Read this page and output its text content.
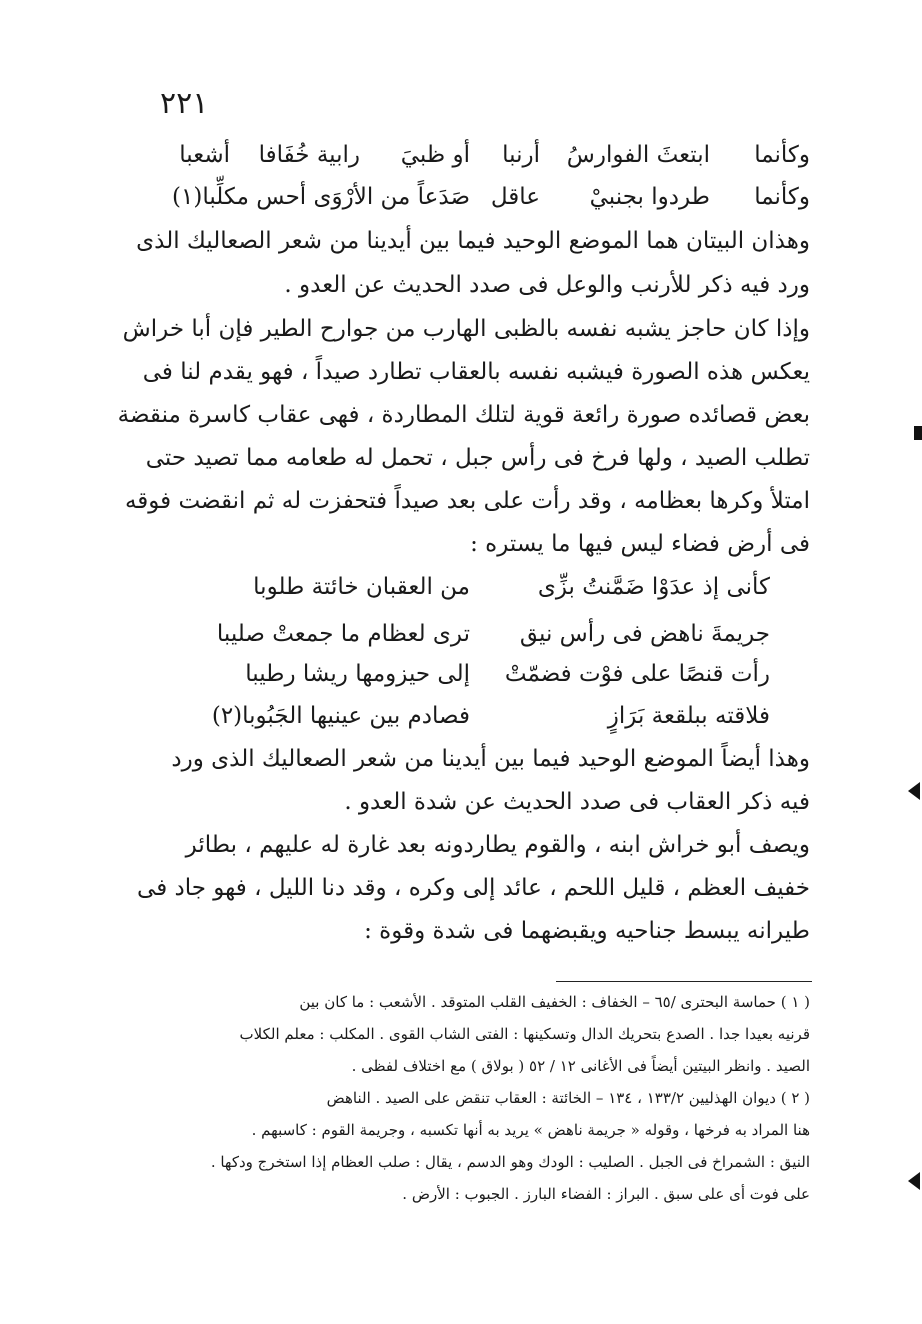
٢٢١
وكأنما
ابتعثَ الفوارسُ
أرنبا
أو ظبيَ
رابية خُفَافا
أشعبا
وكأنما
طردوا بجنبيْ
عاقل
صَدَعاً من الأرْوَى أحس مكلِّبا(١)
وهذان البيتان هما الموضع الوحيد فيما بين أيدينا من شعر الصعاليك الذى
ورد فيه ذكر للأرنب والوعل فى صدد الحديث عن العدو .
وإذا كان حاجز يشبه نفسه بالظبى الهارب من جوارح الطير فإن أبا خراش
يعكس هذه الصورة فيشبه نفسه بالعقاب تطارد صيداً ، فهو يقدم لنا فى
بعض قصائده صورة رائعة قوية لتلك المطاردة ، فهى عقاب كاسرة منقضة
تطلب الصيد ، ولها فرخ فى رأس جبل ، تحمل له طعامه مما تصيد حتى
امتلأ وكرها بعظامه ، وقد رأت على بعد صيداً فتحفزت له ثم انقضت فوقه
فى أرض فضاء ليس فيها ما يستره :
كأنى إذ عدَوْا ضَمَّنتُ بزِّى
من العقبان خائتة طلوبا
جريمةَ ناهض فى رأس نيق
ترى لعظام ما جمعتْ صليبا
رأت قنصًا على فوْت فضمّتْ
إلى حيزومها ريشا رطيبا
فلاقته ببلقعة بَرَازٍ
فصادم بين عينيها الجَبُوبا(٢)
وهذا أيضاً الموضع الوحيد فيما بين أيدينا من شعر الصعاليك الذى ورد
فيه ذكر العقاب فى صدد الحديث عن شدة العدو .
ويصف أبو خراش ابنه ، والقوم يطاردونه بعد غارة له عليهم ، بطائر
خفيف العظم ، قليل اللحم ، عائد إلى وكره ، وقد دنا الليل ، فهو جاد فى
طيرانه يبسط جناحيه ويقبضهما فى شدة وقوة :
( ١ ) حماسة البحترى /٦٥ – الخفاف : الخفيف القلب المتوقد . الأشعب : ما كان بين
قرنيه بعيدا جدا . الصدع بتحريك الدال وتسكينها : الفتى الشاب القوى . المكلب : معلم الكلاب
الصيد . وانظر البيتين أيضاً فى الأغانى ١٢ / ٥٢ ( بولاق ) مع اختلاف لفظى .
( ٢ ) ديوان الهذليين ١٣٣/٢ ، ١٣٤ – الخائتة : العقاب تنقض على الصيد . الناهض
هنا المراد به فرخها ، وقوله « جريمة ناهض » يريد به أنها تكسبه ، وجريمة القوم : كاسبهم .
النيق : الشمراخ فى الجبل . الصليب : الودك وهو الدسم ، يقال : صلب العظام إذا استخرج ودكها .
على فوت أى على سبق . البراز : الفضاء البارز . الجبوب : الأرض .
